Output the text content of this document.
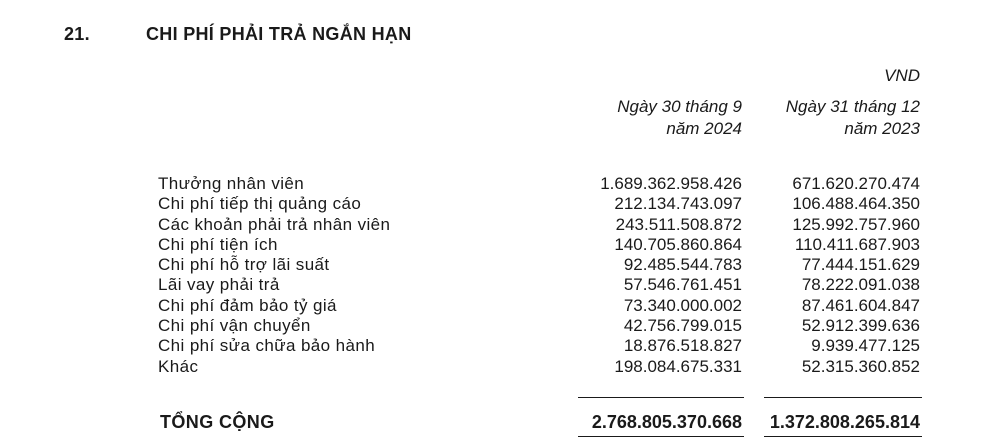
21.	CHI PHÍ PHẢI TRẢ NGẮN HẠN
VND
Ngày 30 tháng 9
năm 2024
Ngày 31 tháng 12
năm 2023
Thưởng nhân viên	1.689.362.958.426	671.620.270.474
Chi phí tiếp thị quảng cáo	212.134.743.097	106.488.464.350
Các khoản phải trả nhân viên	243.511.508.872	125.992.757.960
Chi phí tiện ích	140.705.860.864	110.411.687.903
Chi phí hỗ trợ lãi suất	92.485.544.783	77.444.151.629
Lãi vay phải trả	57.546.761.451	78.222.091.038
Chi phí đảm bảo tỷ giá	73.340.000.002	87.461.604.847
Chi phí vận chuyển	42.756.799.015	52.912.399.636
Chi phí sửa chữa bảo hành	18.876.518.827	9.939.477.125
Khác	198.084.675.331	52.315.360.852
TỔNG CỘNG	2.768.805.370.668 1.372.808.265.814
